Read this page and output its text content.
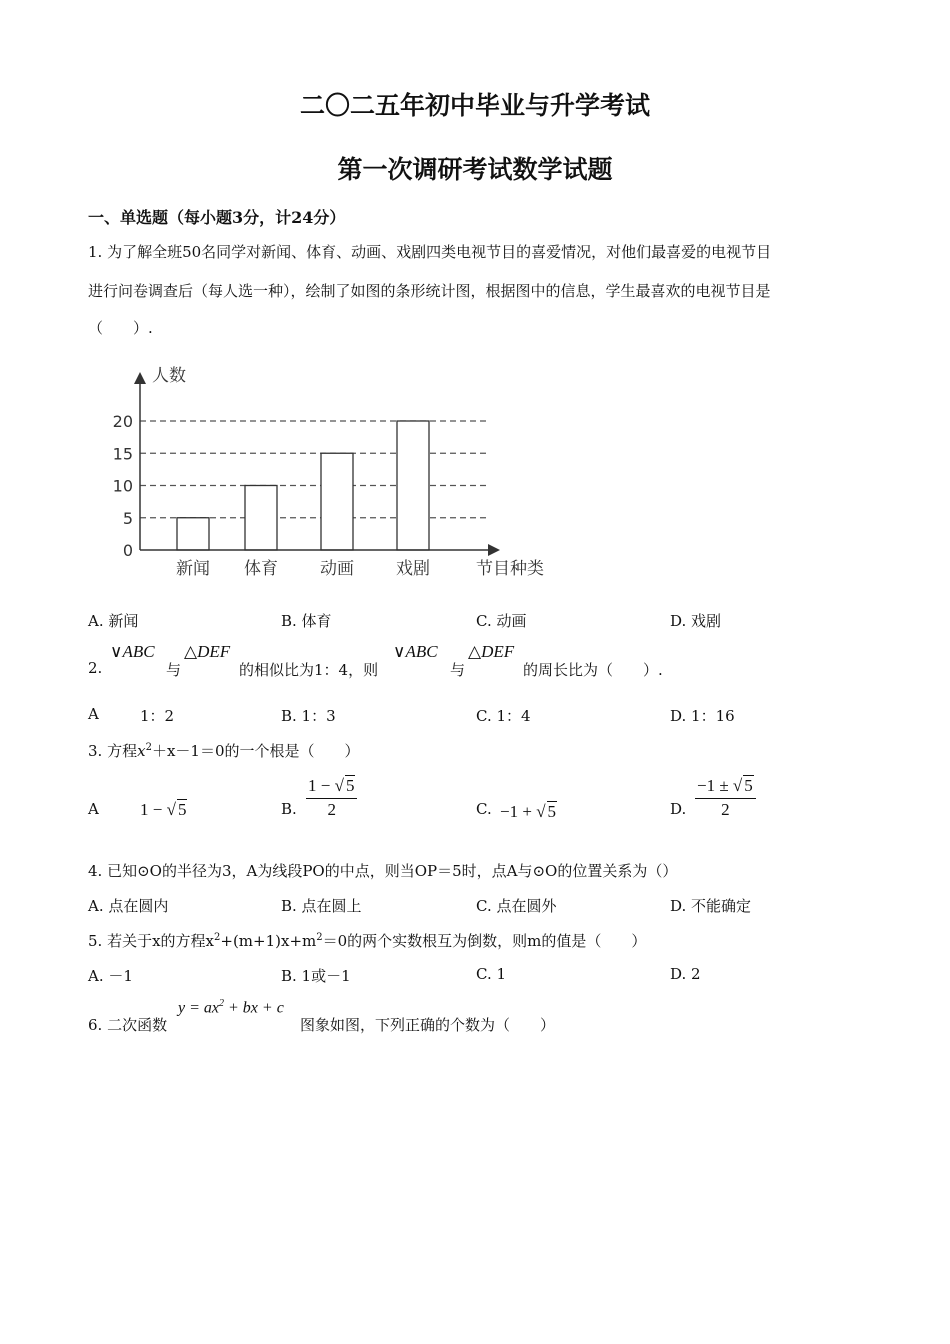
二〇二五年初中毕业与升学考试
第一次调研考试数学试题
一、单选题（每小题3分，计24分）
1. 为了解全班50名同学对新闻、体育、动画、戏剧四类电视节目的喜爱情况，对他们最喜爱的电视节目
进行问卷调查后（每人选一种），绘制了如图的条形统计图，根据图中的信息，学生最喜欢的电视节目是
（　　）.
人数
节目种类
0
5
10
15
20
新闻 体育 动画 戏剧
A. 新闻	B. 体育	C. 动画	D. 戏剧
2.
∨ABC
与
△DEF
的相似比为1：4，则
∨ABC
与
△DEF
的周长比为（　　）.
A	1：2	B. 1：3	C. 1：4	D. 1：16
3. 方程$x^2+x-1=0$的一个根是（　　）
A 1 − √ 5	B. $\frac{1 - √ 5}{2}$	C. −1 + √ 5	D. $\frac{-1 \pm √ 5}{2}$
4. 已知⊙O的半径为3，A为线段PO的中点，则当OP＝5时，点A与⊙O的位置关系为（）
A. 点在圆内	B. 点在圆上	C. 点在圆外	D. 不能确定
5. 若关于x的方程$x^2+(m+1)x+m^2=0$的两个实数根互为倒数，则m的值是（　　）
A. －1	B. 1或－1	C. 1	D. 2
6. 二次函数
$y = ax^2$ + bx + c
图象如图，下列正确的个数为（　　）
